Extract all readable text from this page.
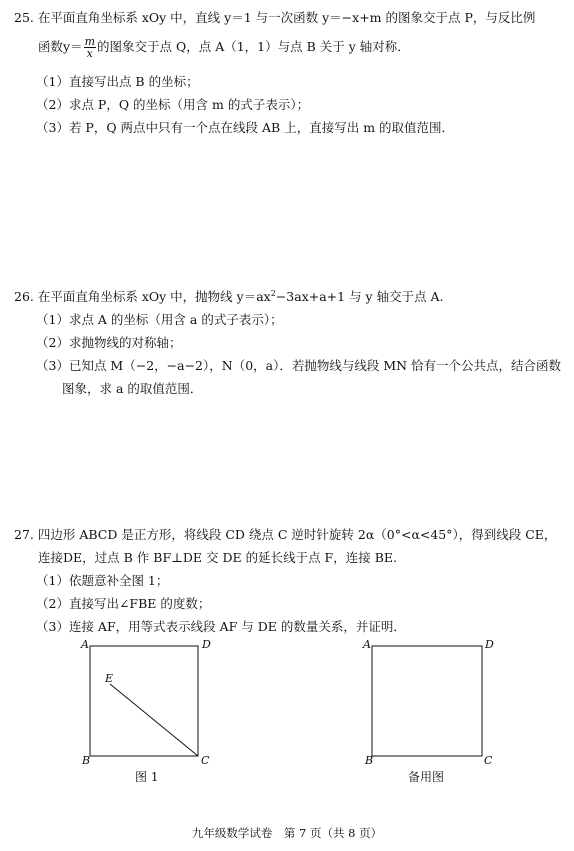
25. 在平面直角坐标系 xOy 中，直线 y＝1 与一次函数 y＝−x+m 的图象交于点 P，与反比例
函数$y= \frac{m}{x}$ 的图象交于点 Q，点 A（1，1）与点 B 关于 y 轴对称．
（1）直接写出点 B 的坐标；
（2）求点 P，Q 的坐标（用含 m 的式子表示）；
（3）若 P，Q 两点中只有一个点在线段 AB 上，直接写出 m 的取值范围．
26. 在平面直角坐标系 xOy 中，抛物线 $y=ax^2-3ax+a+1$ 与 y 轴交于点 A.
（1）求点 A 的坐标（用含 a 的式子表示）；
（2）求抛物线的对称轴；
（3）已知点 M（−2，−a−2），N（0，a）．若抛物线与线段 MN 恰有一个公共点，结合函数
图象，求 a 的取值范围．
27. 四边形 ABCD 是正方形，将线段 CD 绕点 C 逆时针旋转 2α（0°<α<45°），得到线段 CE，
连接DE，过点 B 作 BF⊥DE 交 DE 的延长线于点 F，连接 BE.
（1）依题意补全图 1；
（2）直接写出∠FBE 的度数；
（3）连接 AF，用等式表示线段 AF 与 DE 的数量关系，并证明．
A	D
E
B	C
图 1
A	D
B	C
备用图
九年级数学试卷　第 7 页（共 8 页）
